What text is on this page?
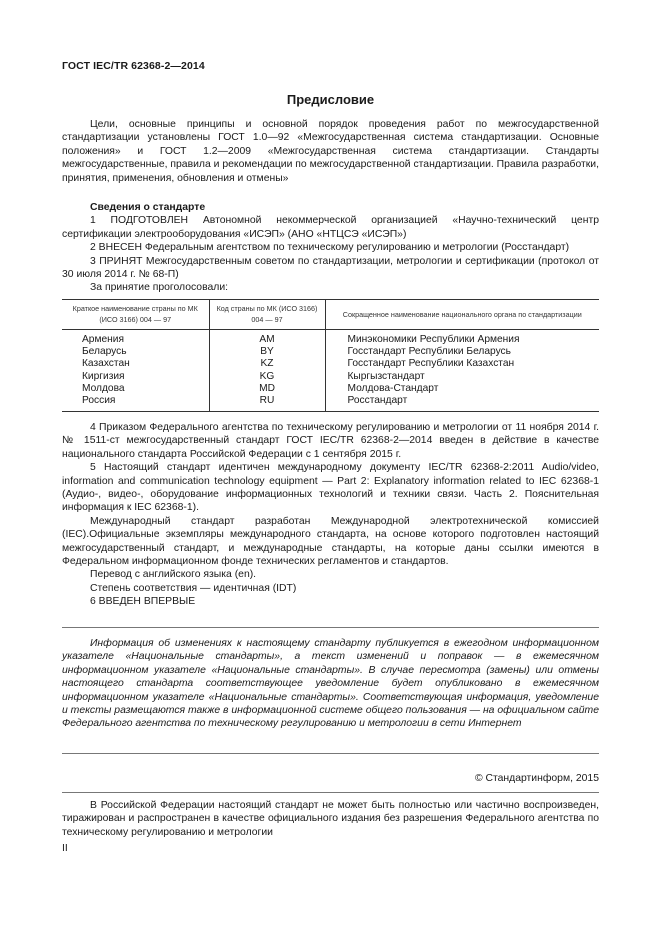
ГОСТ IEC/TR 62368-2—2014
Предисловие

Цели, основные принципы и основной порядок проведения работ по межгосударственной стандартизации установлены ГОСТ 1.0—92 «Межгосударственная система стандартизации. Основные положения» и ГОСТ 1.2—2009 «Межгосударственная система стандартизации. Стандарты межгосударственные, правила и рекомендации по межгосударственной стандартизации. Правила разработки, принятия, применения, обновления и отмены»

Сведения о стандарте

1 ПОДГОТОВЛЕН Автономной некоммерческой организацией «Научно-технический центр сертификации электрооборудования «ИСЭП» (АНО «НТЦСЭ «ИСЭП»)

2 ВНЕСЕН Федеральным агентством по техническому регулированию и метрологии (Росстандарт)

3 ПРИНЯТ Межгосударственным советом по стандартизации, метрологии и сертификации (протокол от 30 июля 2014 г. № 68-П)

За принятие проголосовали:

Краткое наименование страны по МК (ИСО 3166) 004 — 97	Код страны по МК (ИСО 3166) 004 — 97	Сокращенное наименование национального органа по стандартизации
Армения	AM	Минэкономики Республики Армения
Беларусь	BY	Госстандарт Республики Беларусь
Казахстан	KZ	Госстандарт Республики Казахстан
Киргизия	KG	Кыргызстандарт
Молдова	MD	Молдова-Стандарт
Россия	RU	Росстандарт

4 Приказом Федерального агентства по техническому регулированию и метрологии от 11 ноября 2014 г. № 1511-ст межгосударственный стандарт ГОСТ IEC/TR 62368-2—2014 введен в действие в качестве национального стандарта Российской Федерации с 1 сентября 2015 г.

5 Настоящий стандарт идентичен международному документу IEC/TR 62368-2:2011 Audio/video, information and communication technology equipment — Part 2: Explanatory information related to IEC 62368-1 (Аудио-, видео-, оборудование информационных технологий и техники связи. Часть 2. Пояснительная информация к IEC 62368-1).

Международный стандарт разработан Международной электротехнической комиссией (IEC).Официальные экземпляры международного стандарта, на основе которого подготовлен настоящий межгосударственный стандарт, и международные стандарты, на которые даны ссылки имеются в Федеральном информационном фонде технических регламентов и стандартов.

Перевод с английского языка (en).

Степень соответствия — идентичная (IDT)

6 ВВЕДЕН ВПЕРВЫЕ

Информация об изменениях к настоящему стандарту публикуется в ежегодном информационном указателе «Национальные стандарты», а текст изменений и поправок — в ежемесячном информационном указателе «Национальные стандарты». В случае пересмотра (замены) или отмены настоящего стандарта соответствующее уведомление будет опубликовано в ежемесячном информационном указателе «Национальные стандарты». Соответствующая информация, уведомление и тексты размещаются также в информационной системе общего пользования — на официальном сайте Федерального агентства по техническому регулированию и метрологии в сети Интернет

© Стандартинформ, 2015

В Российской Федерации настоящий стандарт не может быть полностью или частично воспроизведен, тиражирован и распространен в качестве официального издания без разрешения Федерального агентства по техническому регулированию и метрологии

II
